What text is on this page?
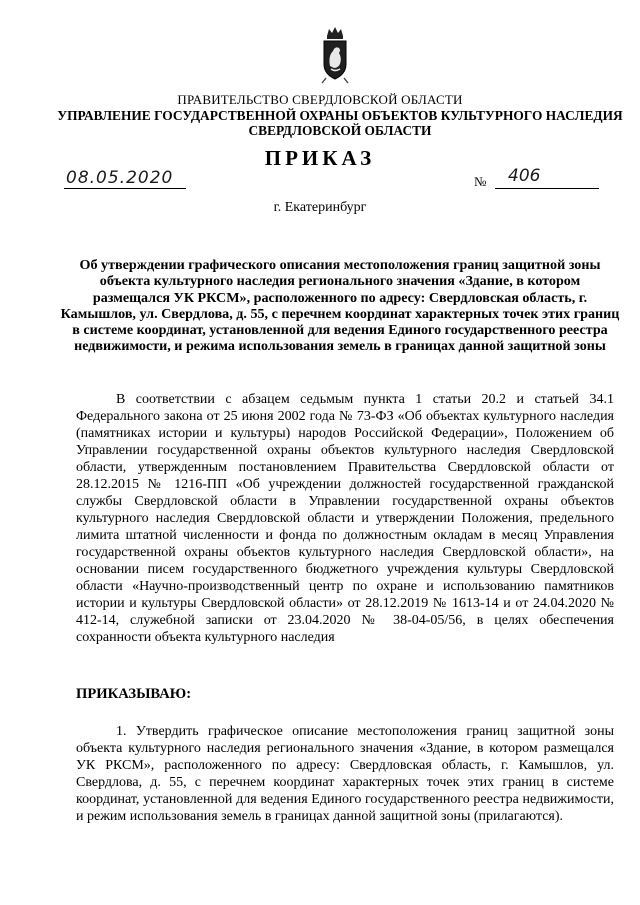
ПРАВИТЕЛЬСТВО СВЕРДЛОВСКОЙ ОБЛАСТИ
УПРАВЛЕНИЕ ГОСУДАРСТВЕННОЙ ОХРАНЫ ОБЪЕКТОВ КУЛЬТУРНОГО НАСЛЕДИЯ СВЕРДЛОВСКОЙ ОБЛАСТИ
ПРИКАЗ
08.05.2020	№ 406
г. Екатеринбург
Об утверждении графического описания местоположения границ защитной зоны объекта культурного наследия регионального значения «Здание, в котором размещался УК РКСМ», расположенного по адресу: Свердловская область, г. Камышлов, ул. Свердлова, д. 55, с перечнем координат характерных точек этих границ в системе координат, установленной для ведения Единого государственного реестра недвижимости, и режима использования земель в границах данной защитной зоны

В соответствии с абзацем седьмым пункта 1 статьи 20.2 и статьей 34.1 Федерального закона от 25 июня 2002 года № 73-ФЗ «Об объектах культурного наследия (памятниках истории и культуры) народов Российской Федерации», Положением об Управлении государственной охраны объектов культурного наследия Свердловской области, утвержденным постановлением Правительства Свердловской области от 28.12.2015 № 1216-ПП «Об учреждении должностей государственной гражданской службы Свердловской области в Управлении государственной охраны объектов культурного наследия Свердловской области и утверждении Положения, предельного лимита штатной численности и фонда по должностным окладам в месяц Управления государственной охраны объектов культурного наследия Свердловской области», на основании писем государственного бюджетного учреждения культуры Свердловской области «Научно-производственный центр по охране и использованию памятников истории и культуры Свердловской области» от 28.12.2019 № 1613-14 и от 24.04.2020 № 412-14, служебной записки от 23.04.2020 № 38-04-05/56, в целях обеспечения сохранности объекта культурного наследия

ПРИКАЗЫВАЮ:

1. Утвердить графическое описание местоположения границ защитной зоны объекта культурного наследия регионального значения «Здание, в котором размещался УК РКСМ», расположенного по адресу: Свердловская область, г. Камышлов, ул. Свердлова, д. 55, с перечнем координат характерных точек этих границ в системе координат, установленной для ведения Единого государственного реестра недвижимости, и режим использования земель в границах данной защитной зоны (прилагаются).
